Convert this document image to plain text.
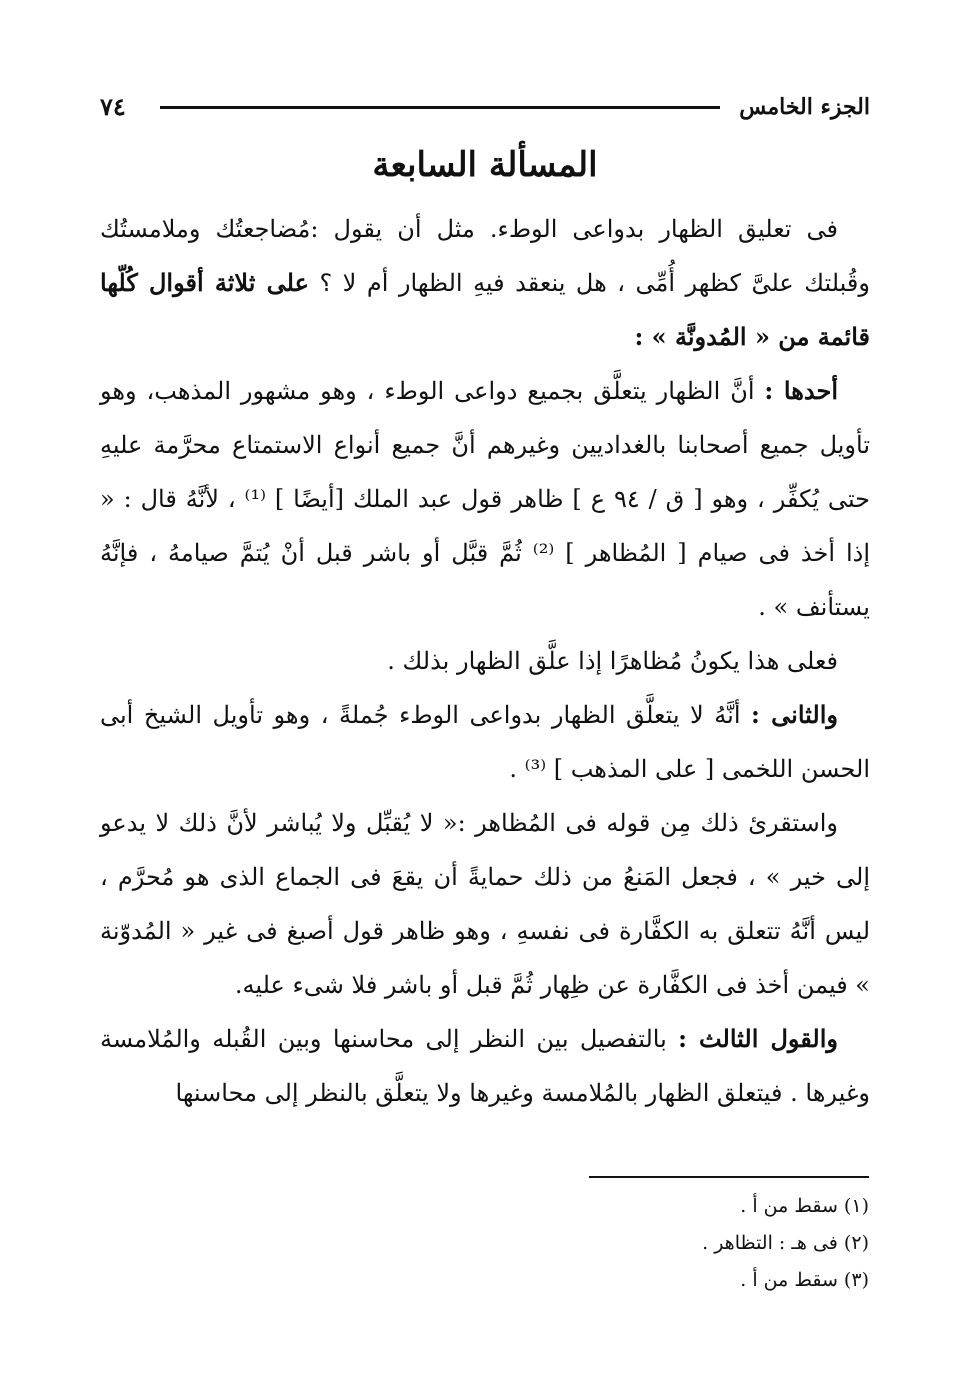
الجزء الخامس
٧٤
المسألة السابعة

فى تعليق الظهار بدواعى الوطء. مثل أن يقول :مُضاجعتُك وملامستُك وقُبلتك علىَّ كظهر أُمِّى ، هل ينعقد فيهِ الظهار أم لا ؟ على ثلاثة أقوال كُلّها قائمة من « المُدونَّة » :

أحدها : أنَّ الظهار يتعلَّق بجميع دواعى الوطء ، وهو مشهور المذهب، وهو تأويل جميع أصحابنا بالغداديين وغيرهم أنَّ جميع أنواع الاستمتاع محرَّمة عليهِ حتى يُكفِّر ، وهو [ ق / ٩٤ ع ] ظاهر قول عبد الملك [أيضًا ] ⁽¹⁾ ، لأنَّهُ قال : « إذا أخذ فى صيام [ المُظاهر ] ⁽²⁾ ثُمَّ قبَّل أو باشر قبل أنْ يُتمَّ صيامهُ ، فإنَّهُ يستأنف » .

فعلى هذا يكونُ مُظاهرًا إذا علَّق الظهار بذلك .

والثانى : أنَّهُ لا يتعلَّق الظهار بدواعى الوطء جُملةً ، وهو تأويل الشيخ أبى الحسن اللخمى [ على المذهب ] ⁽³⁾ .

واستقرئ ذلك مِن قوله فى المُظاهر :« لا يُقبِّل ولا يُباشر لأنَّ ذلك لا يدعو إلى خير » ، فجعل المَنعُ من ذلك حمايةً أن يقعَ فى الجماع الذى هو مُحرَّم ، ليس أنَّهُ تتعلق به الكفَّارة فى نفسهِ ، وهو ظاهر قول أصبغ فى غير « المُدوّنة » فيمن أخذ فى الكفَّارة عن ظِهار ثُمَّ قبل أو باشر فلا شىء عليه.

والقول الثالث : بالتفصيل بين النظر إلى محاسنها وبين القُبله والمُلامسة وغيرها . فيتعلق الظهار بالمُلامسة وغيرها ولا يتعلَّق بالنظر إلى محاسنها

(١) سقط من أ .
(٢) فى هـ : التظاهر .
(٣) سقط من أ .
